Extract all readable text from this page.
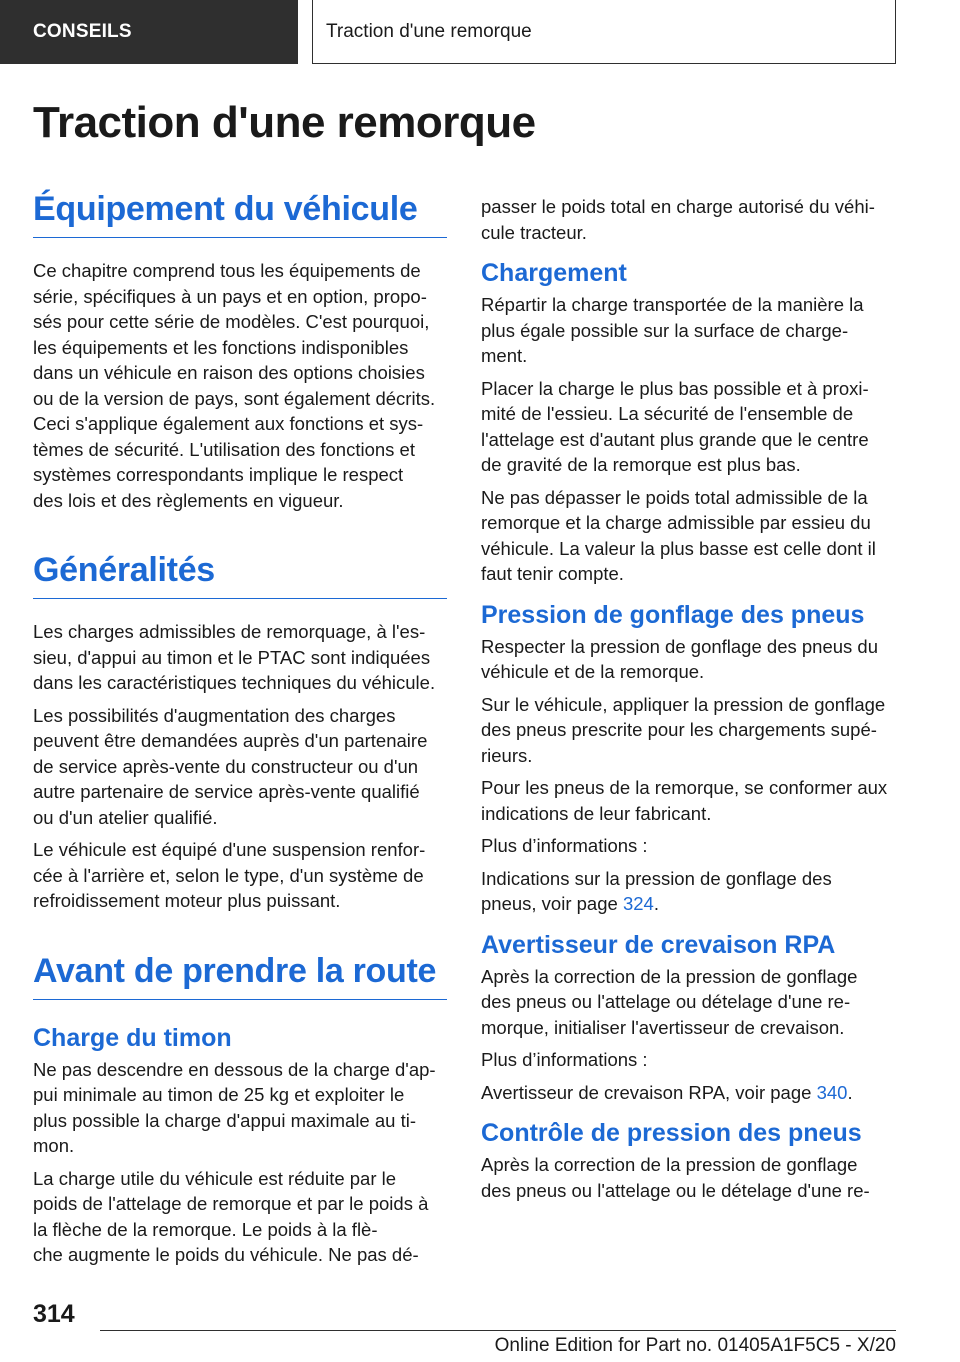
CONSEILS	Traction d'une remorque
Traction d'une remorque
Équipement du véhicule

Ce chapitre comprend tous les équipements de
série, spécifiques à un pays et en option, propo‐
sés pour cette série de modèles. C'est pourquoi,
les équipements et les fonctions indisponibles
dans un véhicule en raison des options choisies
ou de la version de pays, sont également décrits.
Ceci s'applique également aux fonctions et sys‐
tèmes de sécurité. L'utilisation des fonctions et
systèmes correspondants implique le respect
des lois et des règlements en vigueur.

Généralités

Les charges admissibles de remorquage, à l'es‐
sieu, d'appui au timon et le PTAC sont indiquées
dans les caractéristiques techniques du véhicule.

Les possibilités d'augmentation des charges
peuvent être demandées auprès d'un partenaire
de service après-vente du constructeur ou d'un
autre partenaire de service après-vente qualifié
ou d'un atelier qualifié.

Le véhicule est équipé d'une suspension renfor‐
cée à l'arrière et, selon le type, d'un système de
refroidissement moteur plus puissant.

Avant de prendre la route
Charge du timon

Ne pas descendre en dessous de la charge d'ap‐
pui minimale au timon de 25 kg et exploiter le
plus possible la charge d'appui maximale au ti‐
mon.

La charge utile du véhicule est réduite par le
poids de l'attelage de remorque et par le poids à
la flèche de la remorque. Le poids à la flè‐
che augmente le poids du véhicule. Ne pas dé‐

passer le poids total en charge autorisé du véhi‐
cule tracteur.

Chargement

Répartir la charge transportée de la manière la
plus égale possible sur la surface de charge‐
ment.

Placer la charge le plus bas possible et à proxi‐
mité de l'essieu. La sécurité de l'ensemble de
l'attelage est d'autant plus grande que le centre
de gravité de la remorque est plus bas.

Ne pas dépasser le poids total admissible de la
remorque et la charge admissible par essieu du
véhicule. La valeur la plus basse est celle dont il
faut tenir compte.

Pression de gonflage des pneus

Respecter la pression de gonflage des pneus du
véhicule et de la remorque.

Sur le véhicule, appliquer la pression de gonflage
des pneus prescrite pour les chargements supé‐
rieurs.

Pour les pneus de la remorque, se conformer aux
indications de leur fabricant.

Plus d’informations :

Indications sur la pression de gonflage des
pneus, voir page 324.

Avertisseur de crevaison RPA

Après la correction de la pression de gonflage
des pneus ou l'attelage ou dételage d'une re‐
morque, initialiser l'avertisseur de crevaison.

Plus d’informations :

Avertisseur de crevaison RPA, voir page 340.

Contrôle de pression des pneus

Après la correction de la pression de gonflage
des pneus ou l'attelage ou le dételage d'une re‐

314

Online Edition for Part no. 01405A1F5C5 - X/20
